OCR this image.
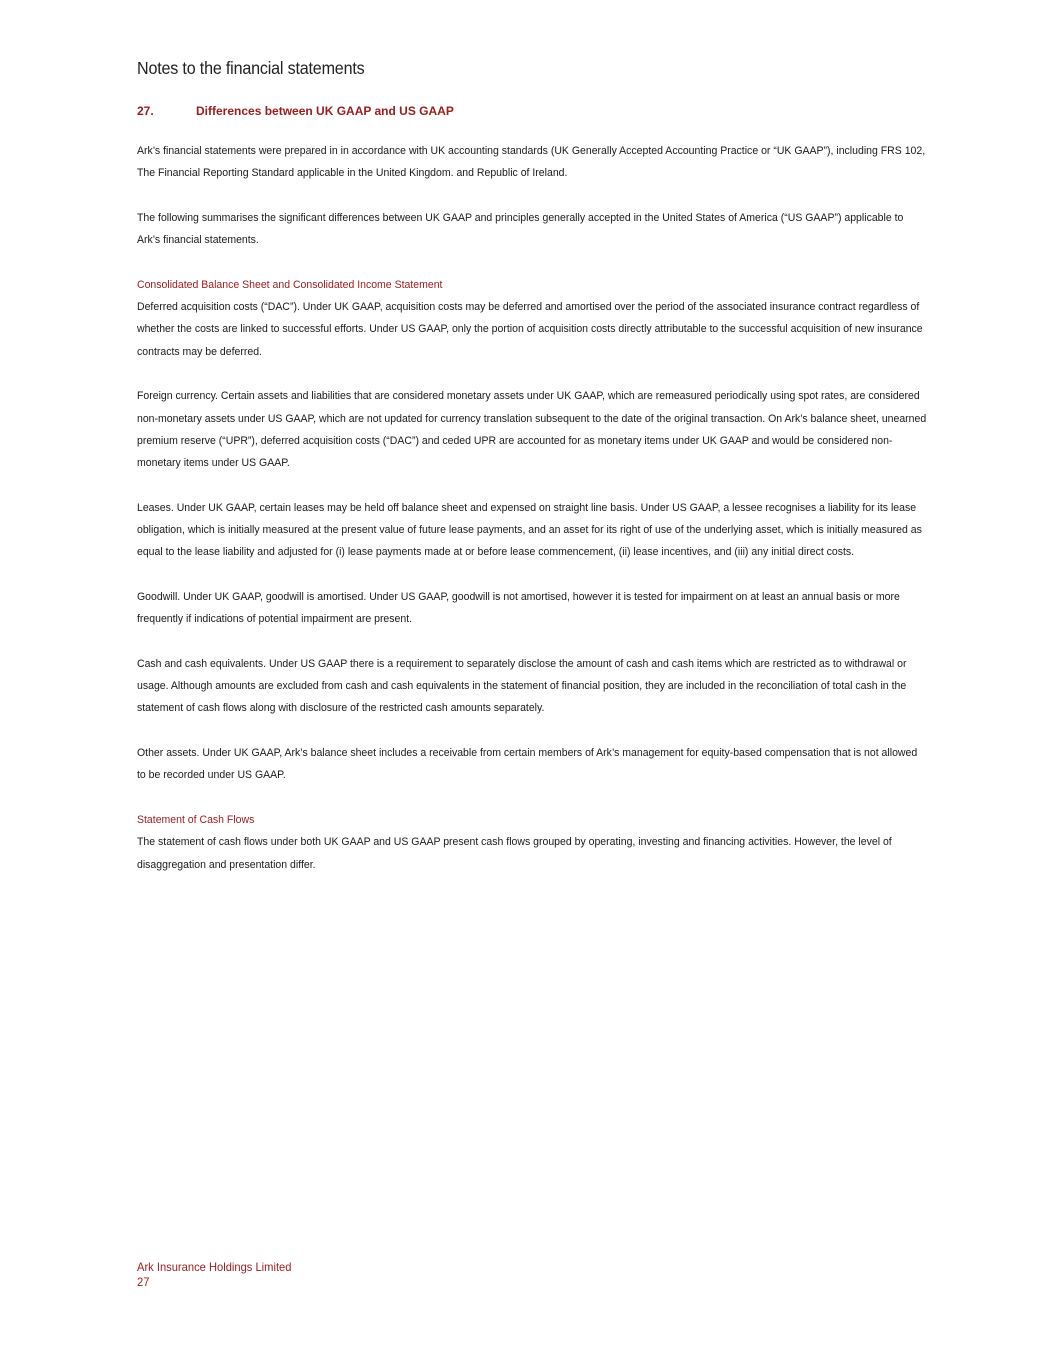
Notes to the financial statements
27.	Differences between UK GAAP and US GAAP

Ark’s financial statements were prepared in in accordance with UK accounting standards (UK Generally Accepted Accounting Practice or “UK GAAP”), including FRS 102, The Financial Reporting Standard applicable in the United Kingdom. and Republic of Ireland.

The following summarises the significant differences between UK GAAP and principles generally accepted in the United States of America (“US GAAP”) applicable to Ark’s financial statements.

Consolidated Balance Sheet and Consolidated Income Statement

Deferred acquisition costs (“DAC”). Under UK GAAP, acquisition costs may be deferred and amortised over the period of the associated insurance contract regardless of whether the costs are linked to successful efforts. Under US GAAP, only the portion of acquisition costs directly attributable to the successful acquisition of new insurance contracts may be deferred.

Foreign currency. Certain assets and liabilities that are considered monetary assets under UK GAAP, which are remeasured periodically using spot rates, are considered non-monetary assets under US GAAP, which are not updated for currency translation subsequent to the date of the original transaction. On Ark’s balance sheet, unearned premium reserve (“UPR”), deferred acquisition costs (“DAC”) and ceded UPR are accounted for as monetary items under UK GAAP and would be considered non-monetary items under US GAAP.

Leases. Under UK GAAP, certain leases may be held off balance sheet and expensed on straight line basis. Under US GAAP, a lessee recognises a liability for its lease obligation, which is initially measured at the present value of future lease payments, and an asset for its right of use of the underlying asset, which is initially measured as equal to the lease liability and adjusted for (i) lease payments made at or before lease commencement, (ii) lease incentives, and (iii) any initial direct costs.

Goodwill. Under UK GAAP, goodwill is amortised. Under US GAAP, goodwill is not amortised, however it is tested for impairment on at least an annual basis or more frequently if indications of potential impairment are present.

Cash and cash equivalents. Under US GAAP there is a requirement to separately disclose the amount of cash and cash items which are restricted as to withdrawal or usage. Although amounts are excluded from cash and cash equivalents in the statement of financial position, they are included in the reconciliation of total cash in the statement of cash flows along with disclosure of the restricted cash amounts separately.

Other assets. Under UK GAAP, Ark’s balance sheet includes a receivable from certain members of Ark’s management for equity-based compensation that is not allowed to be recorded under US GAAP.

Statement of Cash Flows

The statement of cash flows under both UK GAAP and US GAAP present cash flows grouped by operating, investing and financing activities. However, the level of disaggregation and presentation differ.

Ark Insurance Holdings Limited
27
